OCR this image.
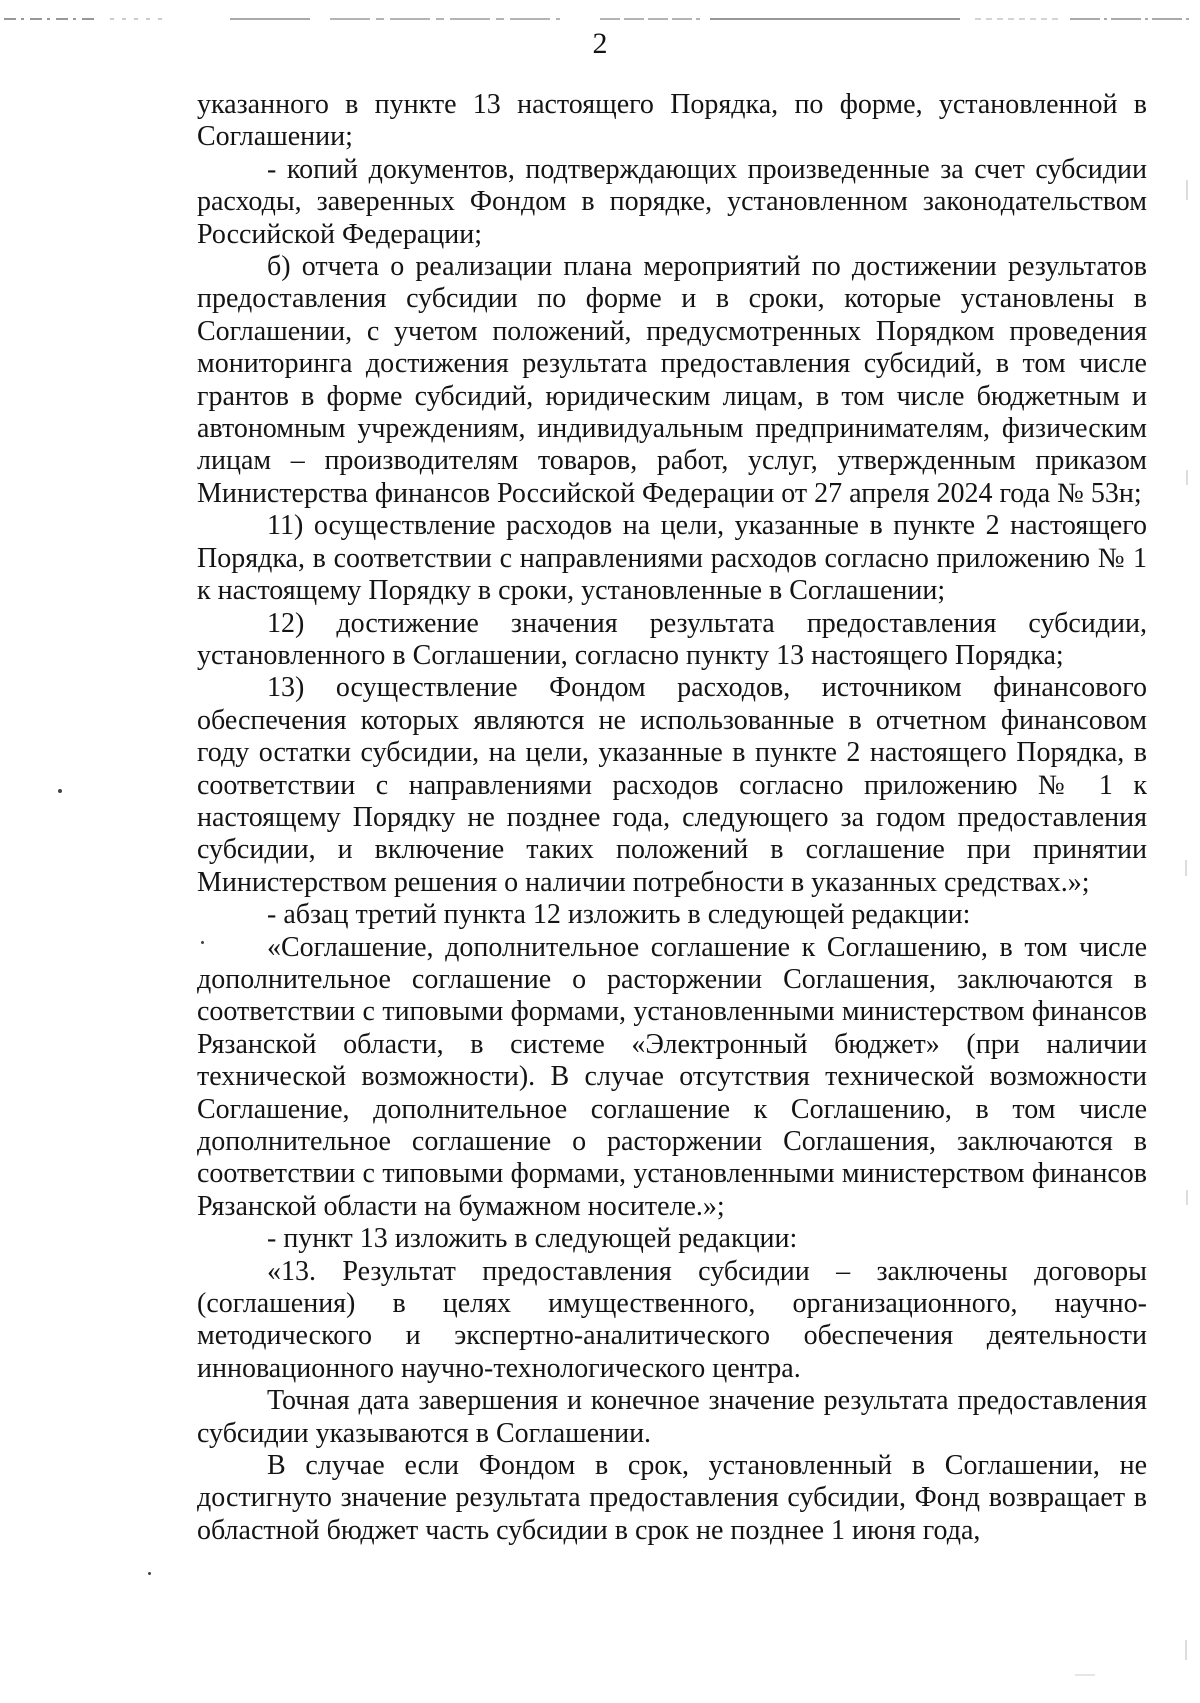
2

указанного в пункте 13 настоящего Порядка, по форме, установленной в Соглашении;

- копий документов, подтверждающих произведенные за счет субсидии расходы, заверенных Фондом в порядке, установленном законодательством Российской Федерации;

б) отчета о реализации плана мероприятий по достижении результатов предоставления субсидии по форме и в сроки, которые установлены в Соглашении, с учетом положений, предусмотренных Порядком проведения мониторинга достижения результата предоставления субсидий, в том числе грантов в форме субсидий, юридическим лицам, в том числе бюджетным и автономным учреждениям, индивидуальным предпринимателям, физическим лицам – производителям товаров, работ, услуг, утвержденным приказом Министерства финансов Российской Федерации от 27 апреля 2024 года № 53н;

11) осуществление расходов на цели, указанные в пункте 2 настоящего Порядка, в соответствии с направлениями расходов согласно приложению № 1 к настоящему Порядку в сроки, установленные в Соглашении;

12) достижение значения результата предоставления субсидии, установленного в Соглашении, согласно пункту 13 настоящего Порядка;

13) осуществление Фондом расходов, источником финансового обеспечения которых являются не использованные в отчетном финансовом году остатки субсидии, на цели, указанные в пункте 2 настоящего Порядка, в соответствии с направлениями расходов согласно приложению № 1 к настоящему Порядку не позднее года, следующего за годом предоставления субсидии, и включение таких положений в соглашение при принятии Министерством решения о наличии потребности в указанных средствах.»;

- абзац третий пункта 12 изложить в следующей редакции:

«Соглашение, дополнительное соглашение к Соглашению, в том числе дополнительное соглашение о расторжении Соглашения, заключаются в соответствии с типовыми формами, установленными министерством финансов Рязанской области, в системе «Электронный бюджет» (при наличии технической возможности). В случае отсутствия технической возможности Соглашение, дополнительное соглашение к Соглашению, в том числе дополнительное соглашение о расторжении Соглашения, заключаются в соответствии с типовыми формами, установленными министерством финансов Рязанской области на бумажном носителе.»;

- пункт 13 изложить в следующей редакции:

«13. Результат предоставления субсидии – заключены договоры (соглашения) в целях имущественного, организационного, научно-методического и экспертно-аналитического обеспечения деятельности инновационного научно-технологического центра.

Точная дата завершения и конечное значение результата предоставления субсидии указываются в Соглашении.

В случае если Фондом в срок, установленный в Соглашении, не достигнуто значение результата предоставления субсидии, Фонд возвращает в областной бюджет часть субсидии в срок не позднее 1 июня года,
